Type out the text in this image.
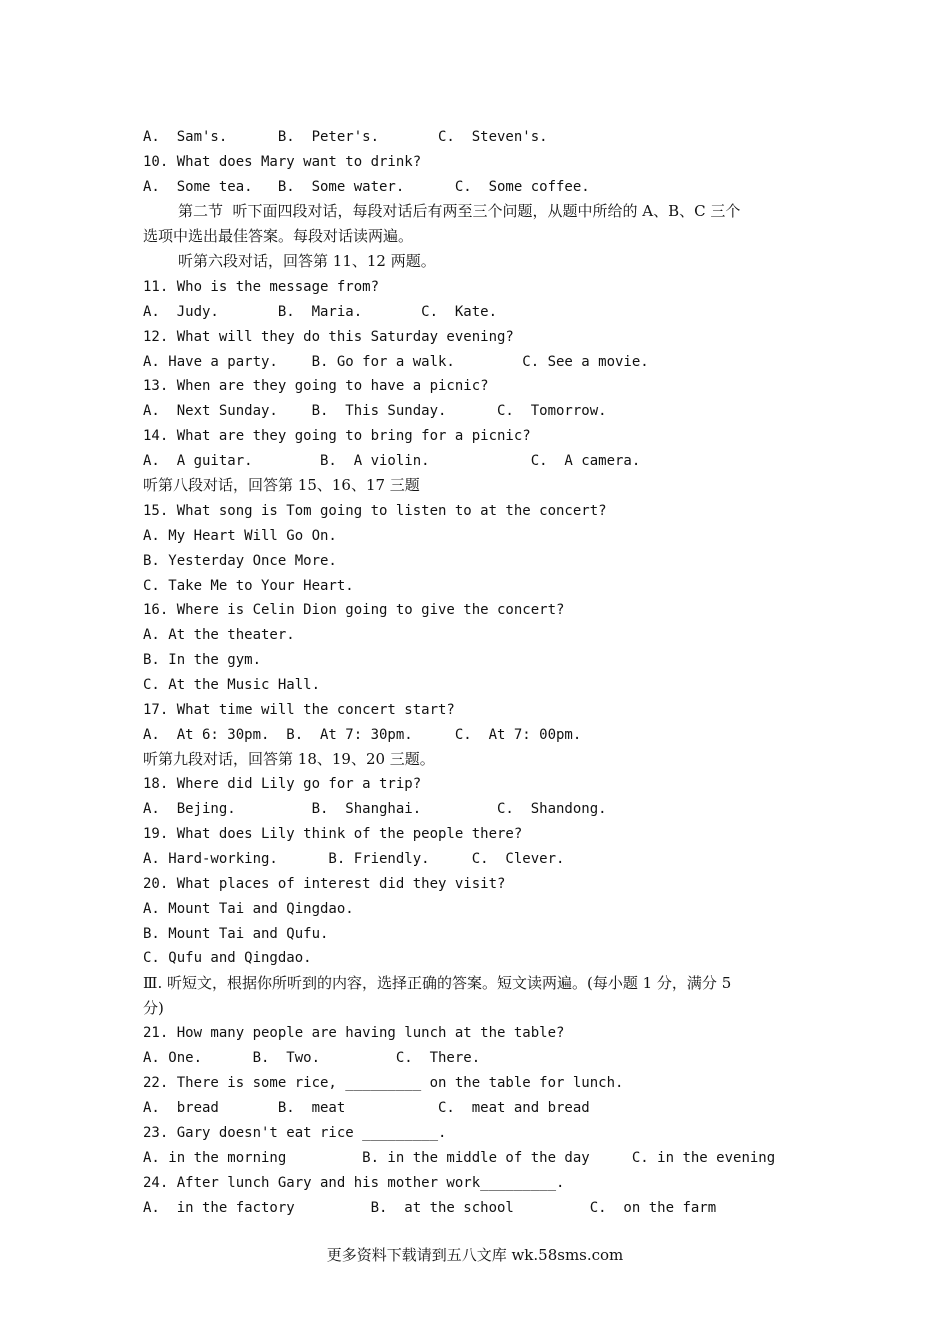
A.  Sam's.      B.  Peter's.       C.  Steven's.
10. What does Mary want to drink?
A.  Some tea.   B.  Some water.      C.  Some coffee.
第二节  听下面四段对话，每段对话后有两至三个问题，从题中所给的 A、B、C 三个
选项中选出最佳答案。每段对话读两遍。
听第六段对话，回答第 11、12 两题。
11. Who is the message from?
A.  Judy.       B.  Maria.       C.  Kate.
12. What will they do this Saturday evening?
A. Have a party.    B. Go for a walk.        C. See a movie.
13. When are they going to have a picnic?
A.  Next Sunday.    B.  This Sunday.      C.  Tomorrow.
14. What are they going to bring for a picnic?
A.  A guitar.        B.  A violin.            C.  A camera.
听第八段对话，回答第 15、16、17 三题
15. What song is Tom going to listen to at the concert?
A. My Heart Will Go On.
B. Yesterday Once More.
C. Take Me to Your Heart.
16. Where is Celin Dion going to give the concert?
A. At the theater.
B. In the gym.
C. At the Music Hall.
17. What time will the concert start?
A.  At 6: 30pm.  B.  At 7: 30pm.     C.  At 7: 00pm.
听第九段对话，回答第 18、19、20 三题。
18. Where did Lily go for a trip?
A.  Bejing.         B.  Shanghai.         C.  Shandong.
19. What does Lily think of the people there?
A. Hard-working.      B. Friendly.     C.  Clever.
20. What places of interest did they visit?
A. Mount Tai and Qingdao.
B. Mount Tai and Qufu.
C. Qufu and Qingdao.
Ⅲ. 听短文，根据你所听到的内容，选择正确的答案。短文读两遍。(每小题 1 分，满分 5
分)
21. How many people are having lunch at the table?
A. One.      B.  Two.         C.  There.
22. There is some rice, _________ on the table for lunch.
A.  bread       B.  meat           C.  meat and bread
23. Gary doesn't eat rice _________.
A. in the morning         B. in the middle of the day     C. in the evening
24. After lunch Gary and his mother work_________.
A.  in the factory         B.  at the school         C.  on the farm
更多资料下载请到五八文库 wk.58sms.com
